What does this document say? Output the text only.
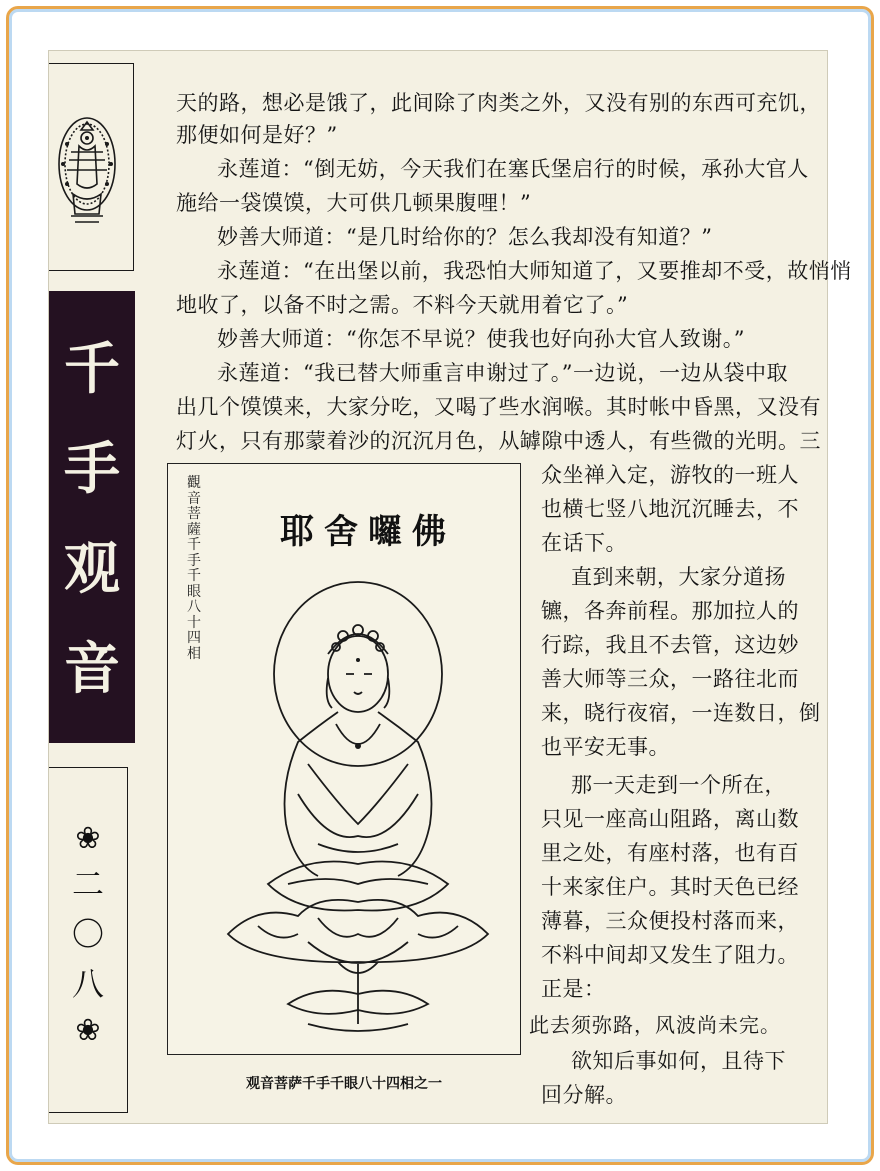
千
手
观
音
❀
二
〇
八
❀
天的路，想必是饿了，此间除了肉类之外，又没有别的东西可充饥，
那便如何是好？”
永莲道：“倒无妨，今天我们在塞氏堡启行的时候，承孙大官人
施给一袋馍馍，大可供几顿果腹哩！”
妙善大师道：“是几时给你的？怎么我却没有知道？”
永莲道：“在出堡以前，我恐怕大师知道了，又要推却不受，故悄悄
地收了，以备不时之需。不料今天就用着它了。”
妙善大师道：“你怎不早说？使我也好向孙大官人致谢。”
永莲道：“我已替大师重言申谢过了。”一边说，一边从袋中取
出几个馍馍来，大家分吃，又喝了些水润喉。其时帐中昏黑，又没有
灯火，只有那蒙着沙的沉沉月色，从罅隙中透人，有些微的光明。三
众坐禅入定，游牧的一班人
也横七竖八地沉沉睡去，不
在话下。
直到来朝，大家分道扬
镳，各奔前程。那加拉人的
行踪，我且不去管，这边妙
善大师等三众，一路往北而
来，晓行夜宿，一连数日，倒
也平安无事。
那一天走到一个所在，
只见一座高山阻路，离山数
里之处，有座村落，也有百
十来家住户。其时天色已经
薄暮，三众便投村落而来，
不料中间却又发生了阻力。
正是：
此去须弥路，风波尚未完。
欲知后事如何，且待下
回分解。
觀音菩薩千手千眼八十四相
耶舍囉佛
观音菩萨千手千眼八十四相之一
